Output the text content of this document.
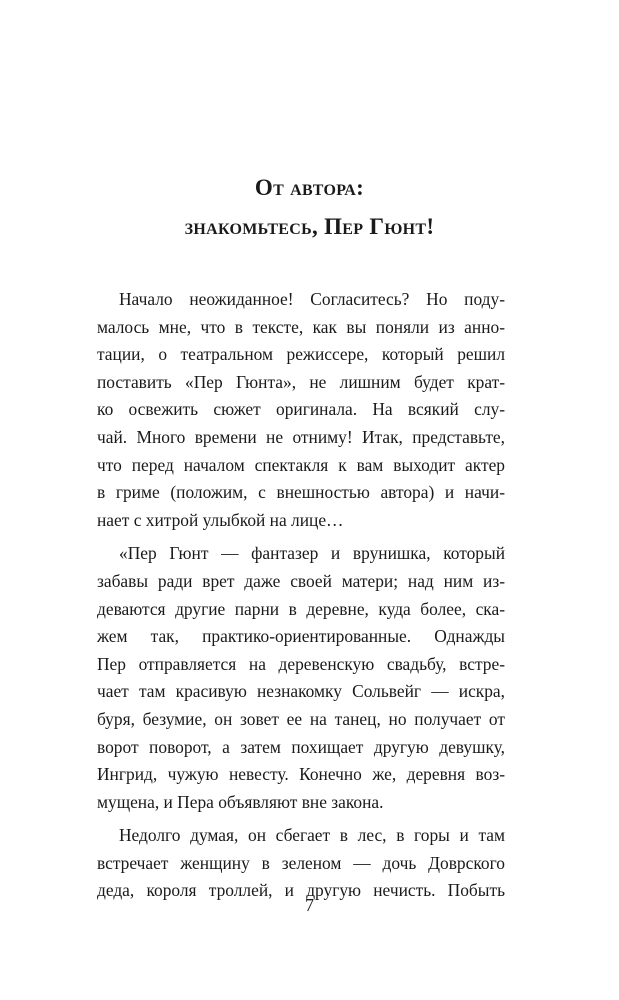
От автора:
знакомьтесь, Пер Гюнт!
Начало неожиданное! Согласитесь? Но поду-
малось мне, что в тексте, как вы поняли из анно-
тации, о театральном режиссере, который решил
поставить «Пер Гюнта», не лишним будет крат-
ко освежить сюжет оригинала. На всякий слу-
чай. Много времени не отниму! Итак, представьте,
что перед началом спектакля к вам выходит актер
в гриме (положим, с внешностью автора) и начи-
нает с хитрой улыбкой на лице…
«Пер Гюнт — фантазер и врунишка, который
забавы ради врет даже своей матери; над ним из-
деваются другие парни в деревне, куда более, ска-
жем так, практико-ориентированные. Однажды
Пер отправляется на деревенскую свадьбу, встре-
чает там красивую незнакомку Сольвейг — искра,
буря, безумие, он зовет ее на танец, но получает от
ворот поворот, а затем похищает другую девушку,
Ингрид, чужую невесту. Конечно же, деревня воз-
мущена, и Пера объявляют вне закона.
Недолго думая, он сбегает в лес, в горы и там
встречает женщину в зеленом — дочь Доврского
деда, короля троллей, и другую нечисть. Побыть
7
